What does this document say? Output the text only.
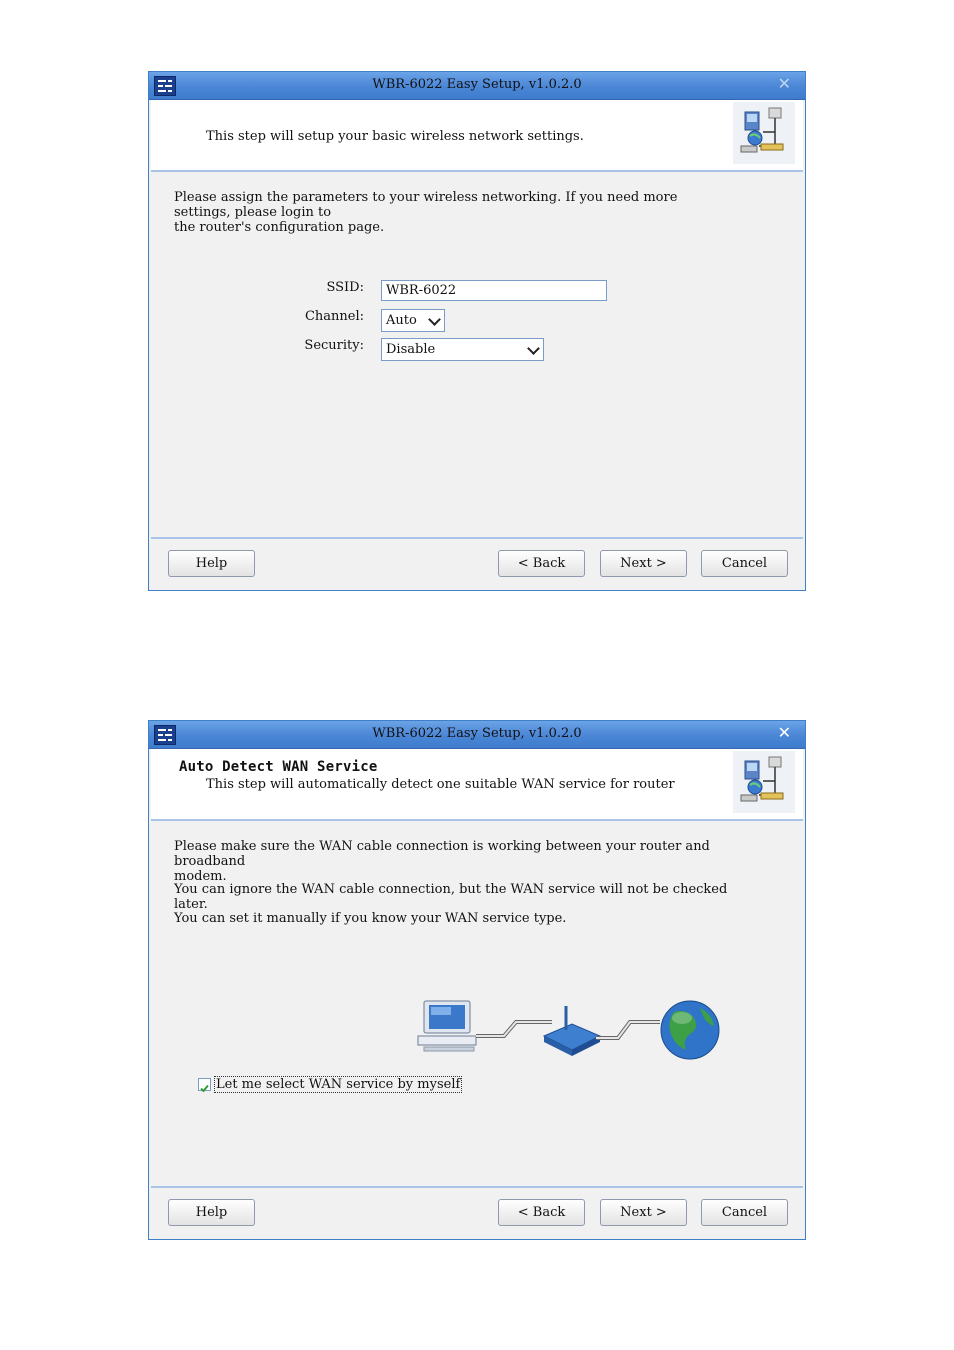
WBR-6022 Easy Setup, v1.0.2.0	✕
This step will setup your basic wireless network settings.
Please assign the parameters to your wireless networking. If you need more settings, please login to
the router's configuration page.
SSID:	WBR-6022
Channel:	Auto
Security:	Disable
Help	< Back	Next >	Cancel
WBR-6022 Easy Setup, v1.0.2.0	✕
Auto Detect WAN Service
This step will automatically detect one suitable WAN service for router
Please make sure the WAN cable connection is working between your router and broadband
modem.
You can ignore the WAN cable connection, but the WAN service will not be checked later.
You can set it manually if you know your WAN service type.
Let me select WAN service by myself
Help	< Back	Next >	Cancel
